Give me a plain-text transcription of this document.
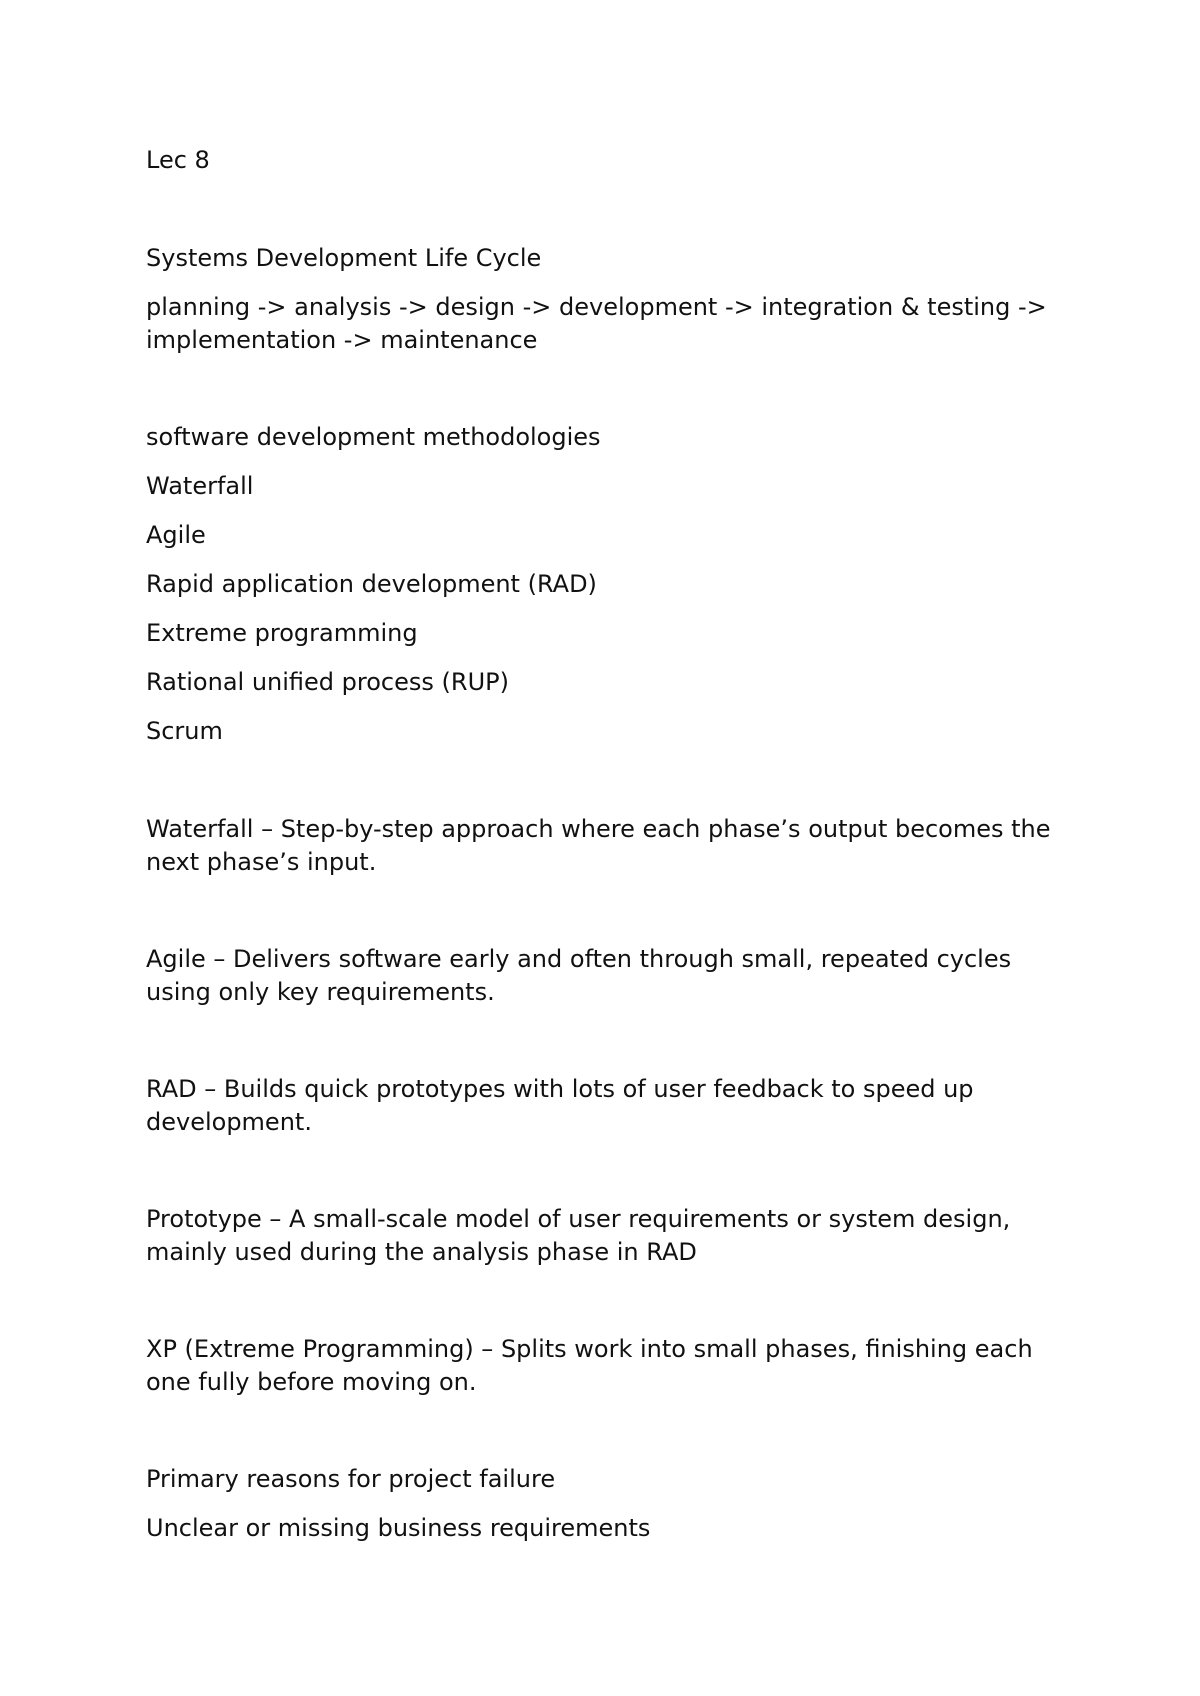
Lec 8

Systems Development Life Cycle

planning -> analysis -> design -> development -> integration & testing -> implementation -> maintenance

software development methodologies

Waterfall

Agile

Rapid application development (RAD)

Extreme programming

Rational unified process (RUP)

Scrum

Waterfall – Step-by-step approach where each phase’s output becomes the next phase’s input.

Agile – Delivers software early and often through small, repeated cycles using only key requirements.

RAD – Builds quick prototypes with lots of user feedback to speed up development.

Prototype – A small-scale model of user requirements or system design, mainly used during the analysis phase in RAD

XP (Extreme Programming) – Splits work into small phases, finishing each one fully before moving on.

Primary reasons for project failure

Unclear or missing business requirements
